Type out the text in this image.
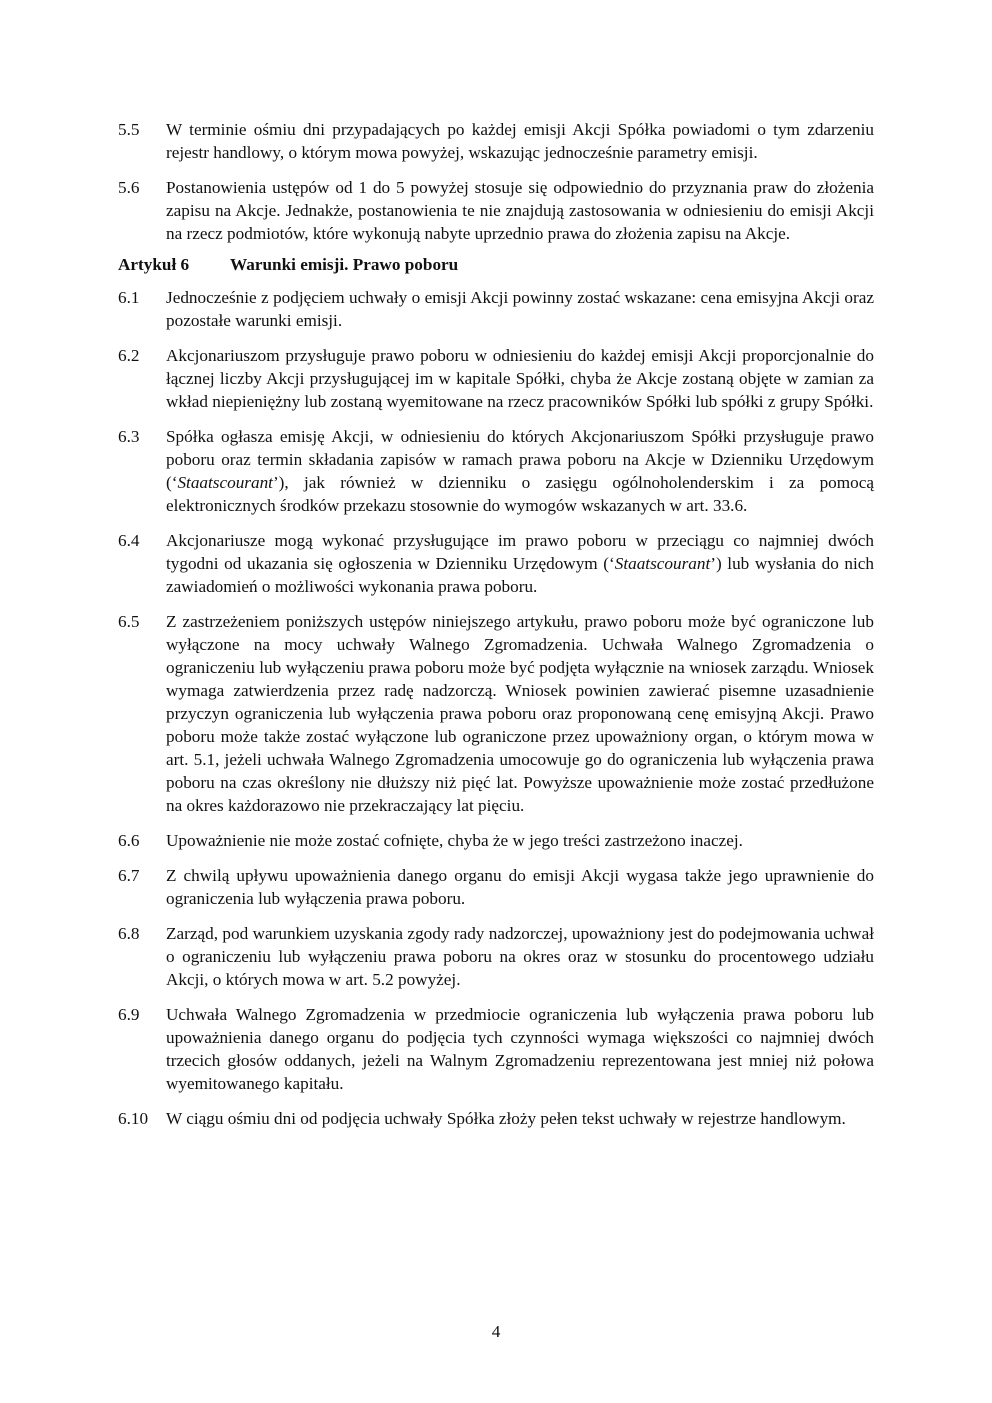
5.5	W terminie ośmiu dni przypadających po każdej emisji Akcji Spółka powiadomi o tym zdarzeniu rejestr handlowy, o którym mowa powyżej, wskazując jednocześnie parametry emisji.
5.6	Postanowienia ustępów od 1 do 5 powyżej stosuje się odpowiednio do przyznania praw do złożenia zapisu na Akcje. Jednakże, postanowienia te nie znajdują zastosowania w odniesieniu do emisji Akcji na rzecz podmiotów, które wykonują nabyte uprzednio prawa do złożenia zapisu na Akcje.
Artykuł 6	Warunki emisji. Prawo poboru
6.1	Jednocześnie z podjęciem uchwały o emisji Akcji powinny zostać wskazane: cena emisyjna Akcji oraz pozostałe warunki emisji.
6.2	Akcjonariuszom przysługuje prawo poboru w odniesieniu do każdej emisji Akcji proporcjonalnie do łącznej liczby Akcji przysługującej im w kapitale Spółki, chyba że Akcje zostaną objęte w zamian za wkład niepieniężny lub zostaną wyemitowane na rzecz pracowników Spółki lub spółki z grupy Spółki.
6.3	Spółka ogłasza emisję Akcji, w odniesieniu do których Akcjonariuszom Spółki przysługuje prawo poboru oraz termin składania zapisów w ramach prawa poboru na Akcje w Dzienniku Urzędowym (‘Staatscourant’), jak również w dzienniku o zasięgu ogólnoholenderskim i za pomocą elektronicznych środków przekazu stosownie do wymogów wskazanych w art. 33.6.
6.4	Akcjonariusze mogą wykonać przysługujące im prawo poboru w przeciągu co najmniej dwóch tygodni od ukazania się ogłoszenia w Dzienniku Urzędowym (‘Staatscourant’) lub wysłania do nich zawiadomień o możliwości wykonania prawa poboru.
6.5	Z zastrzeżeniem poniższych ustępów niniejszego artykułu, prawo poboru może być ograniczone lub wyłączone na mocy uchwały Walnego Zgromadzenia. Uchwała Walnego Zgromadzenia o ograniczeniu lub wyłączeniu prawa poboru może być podjęta wyłącznie na wniosek zarządu. Wniosek wymaga zatwierdzenia przez radę nadzorczą. Wniosek powinien zawierać pisemne uzasadnienie przyczyn ograniczenia lub wyłączenia prawa poboru oraz proponowaną cenę emisyjną Akcji. Prawo poboru może także zostać wyłączone lub ograniczone przez upoważniony organ, o którym mowa w art. 5.1, jeżeli uchwała Walnego Zgromadzenia umocowuje go do ograniczenia lub wyłączenia prawa poboru na czas określony nie dłuższy niż pięć lat. Powyższe upoważnienie może zostać przedłużone na okres każdorazowo nie przekraczający lat pięciu.
6.6	Upoważnienie nie może zostać cofnięte, chyba że w jego treści zastrzeżono inaczej.
6.7	Z chwilą upływu upoważnienia danego organu do emisji Akcji wygasa także jego uprawnienie do ograniczenia lub wyłączenia prawa poboru.
6.8	Zarząd, pod warunkiem uzyskania zgody rady nadzorczej, upoważniony jest do podejmowania uchwał o ograniczeniu lub wyłączeniu prawa poboru na okres oraz w stosunku do procentowego udziału Akcji, o których mowa w art. 5.2 powyżej.
6.9	Uchwała Walnego Zgromadzenia w przedmiocie ograniczenia lub wyłączenia prawa poboru lub upoważnienia danego organu do podjęcia tych czynności wymaga większości co najmniej dwóch trzecich głosów oddanych, jeżeli na Walnym Zgromadzeniu reprezentowana jest mniej niż połowa wyemitowanego kapitału.
6.10	W ciągu ośmiu dni od podjęcia uchwały Spółka złoży pełen tekst uchwały w rejestrze handlowym.
4
